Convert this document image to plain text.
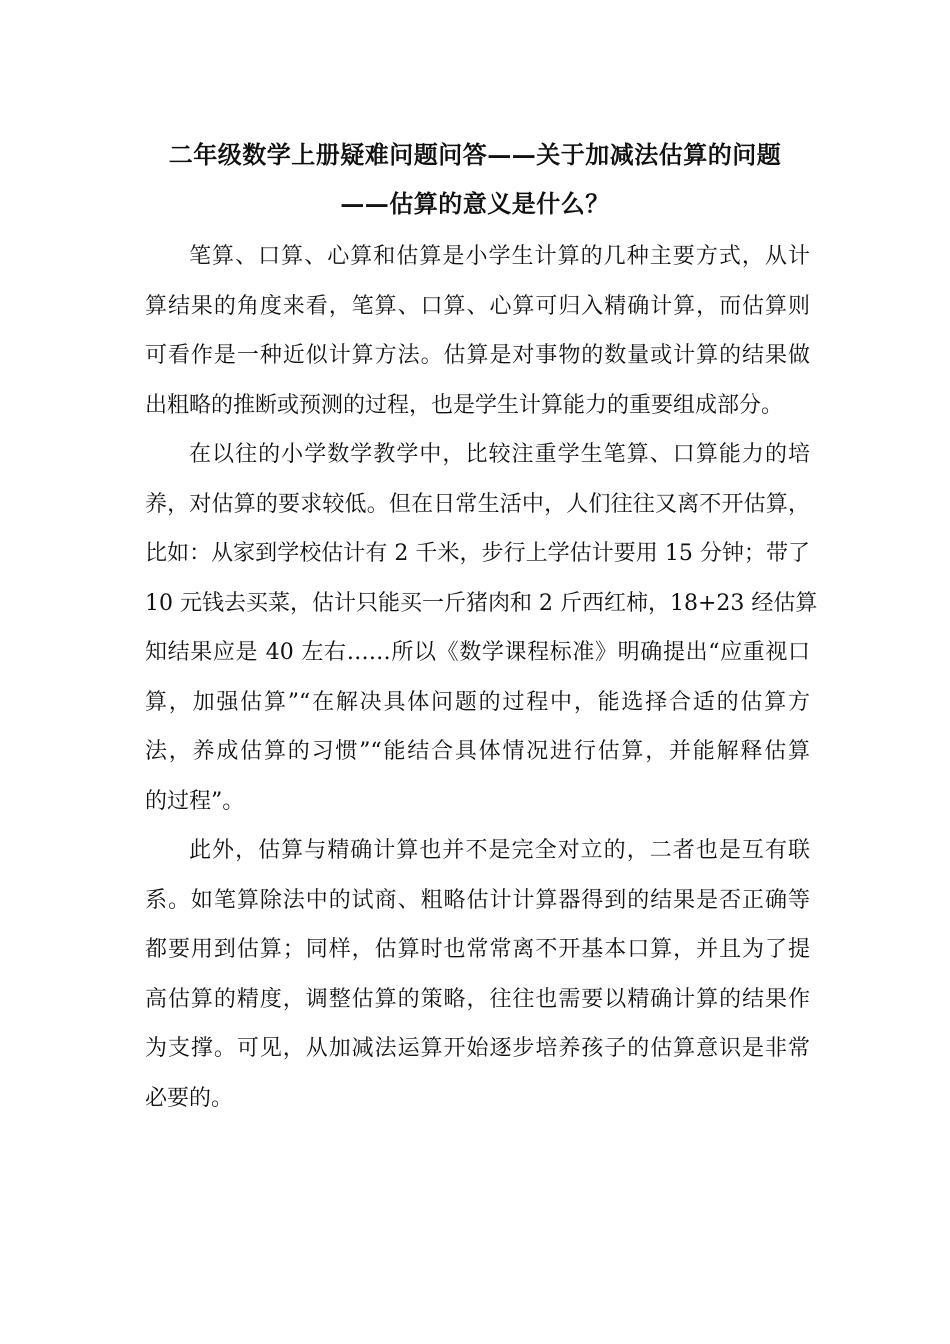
二年级数学上册疑难问题问答——关于加减法估算的问题
——估算的意义是什么？

笔算、口算、心算和估算是小学生计算的几种主要方式，从计
算结果的角度来看，笔算、口算、心算可归入精确计算，而估算则
可看作是一种近似计算方法。估算是对事物的数量或计算的结果做
出粗略的推断或预测的过程，也是学生计算能力的重要组成部分。

在以往的小学数学教学中，比较注重学生笔算、口算能力的培
养，对估算的要求较低。但在日常生活中，人们往往又离不开估算，
比如：从家到学校估计有 2 千米，步行上学估计要用 15 分钟；带了
10 元钱去买菜，估计只能买一斤猪肉和 2 斤西红柿，18+23 经估算
知结果应是 40 左右……所以《数学课程标准》明确提出“应重视口
算，加强估算”“在解决具体问题的过程中，能选择合适的估算方
法，养成估算的习惯”“能结合具体情况进行估算，并能解释估算
的过程”。

此外，估算与精确计算也并不是完全对立的，二者也是互有联
系。如笔算除法中的试商、粗略估计计算器得到的结果是否正确等
都要用到估算；同样，估算时也常常离不开基本口算，并且为了提
高估算的精度，调整估算的策略，往往也需要以精确计算的结果作
为支撑。可见，从加减法运算开始逐步培养孩子的估算意识是非常
必要的。
